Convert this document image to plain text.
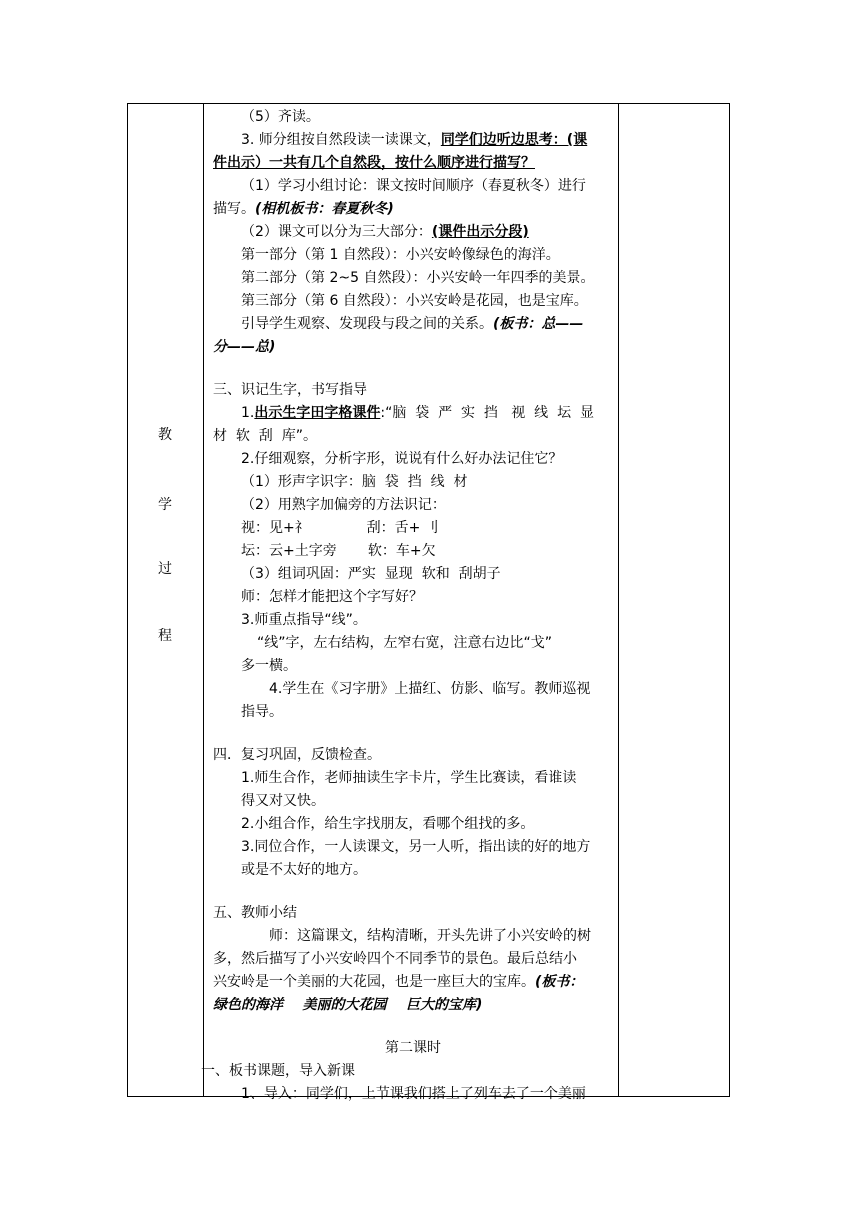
教
学
过
程
（5）齐读。
3. 师分组按自然段读一读课文，同学们边听边思考：(课
件出示）一共有几个自然段，按什么顺序进行描写？
（1）学习小组讨论：课文按时间顺序（春夏秋冬）进行
描写。(相机板书：春夏秋冬)
（2）课文可以分为三大部分：(课件出示分段)
第一部分（第 1 自然段）：小兴安岭像绿色的海洋。
第二部分（第 2~5 自然段）：小兴安岭一年四季的美景。
第三部分（第 6 自然段）：小兴安岭是花园，也是宝库。
引导学生观察、发现段与段之间的关系。(板书：总——
分——总)
三、识记生字，书写指导
1.出示生字田字格课件:“脑  袋  严  实  挡   视  线  坛  显
材  软  刮  库”。
2.仔细观察，分析字形，说说有什么好办法记住它？
（1）形声字识字：脑  袋  挡  线  材
（2）用熟字加偏旁的方法识记：
视：见+礻             刮：舌+ 刂
坛：云+土字旁       软：车+欠
（3）组词巩固：严实  显现  软和  刮胡子
师：怎样才能把这个字写好？
3.师重点指导“线”。
“线”字，左右结构，左窄右宽，注意右边比“戈”
多一横。
4.学生在《习字册》上描红、仿影、临写。教师巡视
指导。
四．复习巩固，反馈检查。
1.师生合作，老师抽读生字卡片，学生比赛读，看谁读
得又对又快。
2.小组合作，给生字找朋友，看哪个组找的多。
3.同位合作，一人读课文，另一人听，指出读的好的地方
或是不太好的地方。
五、教师小结
师：这篇课文，结构清晰，开头先讲了小兴安岭的树
多，然后描写了小兴安岭四个不同季节的景色。最后总结小
兴安岭是一个美丽的大花园，也是一座巨大的宝库。(板书：
绿色的海洋    美丽的大花园    巨大的宝库)
第二课时
一、板书课题，导入新课
1、导入：同学们，上节课我们搭上了列车去了一个美丽
